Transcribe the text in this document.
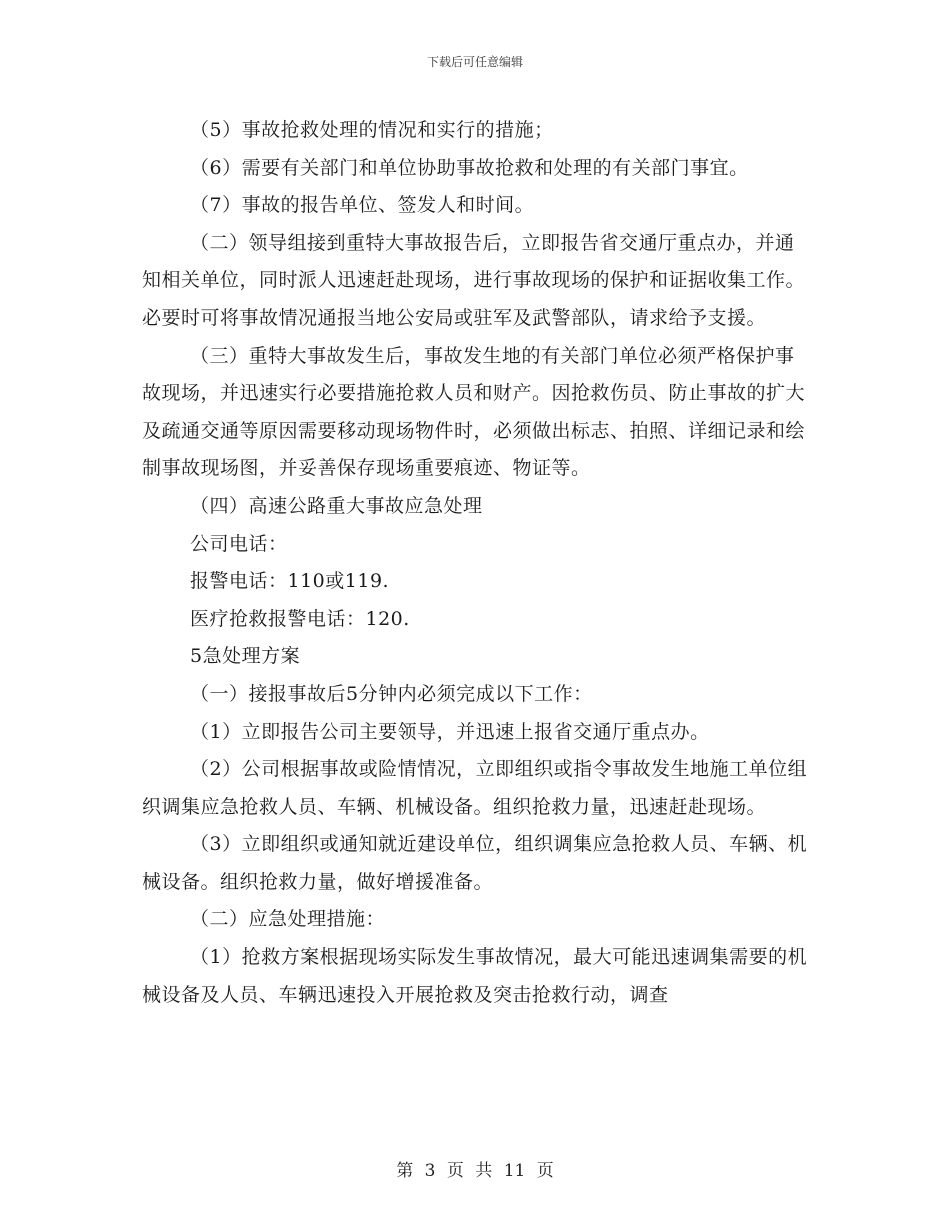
下载后可任意编辑

（5）事故抢救处理的情况和实行的措施；

（6）需要有关部门和单位协助事故抢救和处理的有关部门事宜。

（7）事故的报告单位、签发人和时间。

（二）领导组接到重特大事故报告后，立即报告省交通厅重点办，并通知相关单位，同时派人迅速赶赴现场，进行事故现场的保护和证据收集工作。必要时可将事故情况通报当地公安局或驻军及武警部队，请求给予支援。

（三）重特大事故发生后，事故发生地的有关部门单位必须严格保护事故现场，并迅速实行必要措施抢救人员和财产。因抢救伤员、防止事故的扩大及疏通交通等原因需要移动现场物件时，必须做出标志、拍照、详细记录和绘制事故现场图，并妥善保存现场重要痕迹、物证等。

（四）高速公路重大事故应急处理

公司电话：

报警电话：110或119.

医疗抢救报警电话：120.

5急处理方案

（一）接报事故后5分钟内必须完成以下工作：

（1）立即报告公司主要领导，并迅速上报省交通厅重点办。

（2）公司根据事故或险情情况，立即组织或指令事故发生地施工单位组织调集应急抢救人员、车辆、机械设备。组织抢救力量，迅速赶赴现场。

（3）立即组织或通知就近建设单位，组织调集应急抢救人员、车辆、机械设备。组织抢救力量，做好增援准备。

（二）应急处理措施：

（1）抢救方案根据现场实际发生事故情况，最大可能迅速调集需要的机械设备及人员、车辆迅速投入开展抢救及突击抢救行动，调查

第 3 页 共 11 页
